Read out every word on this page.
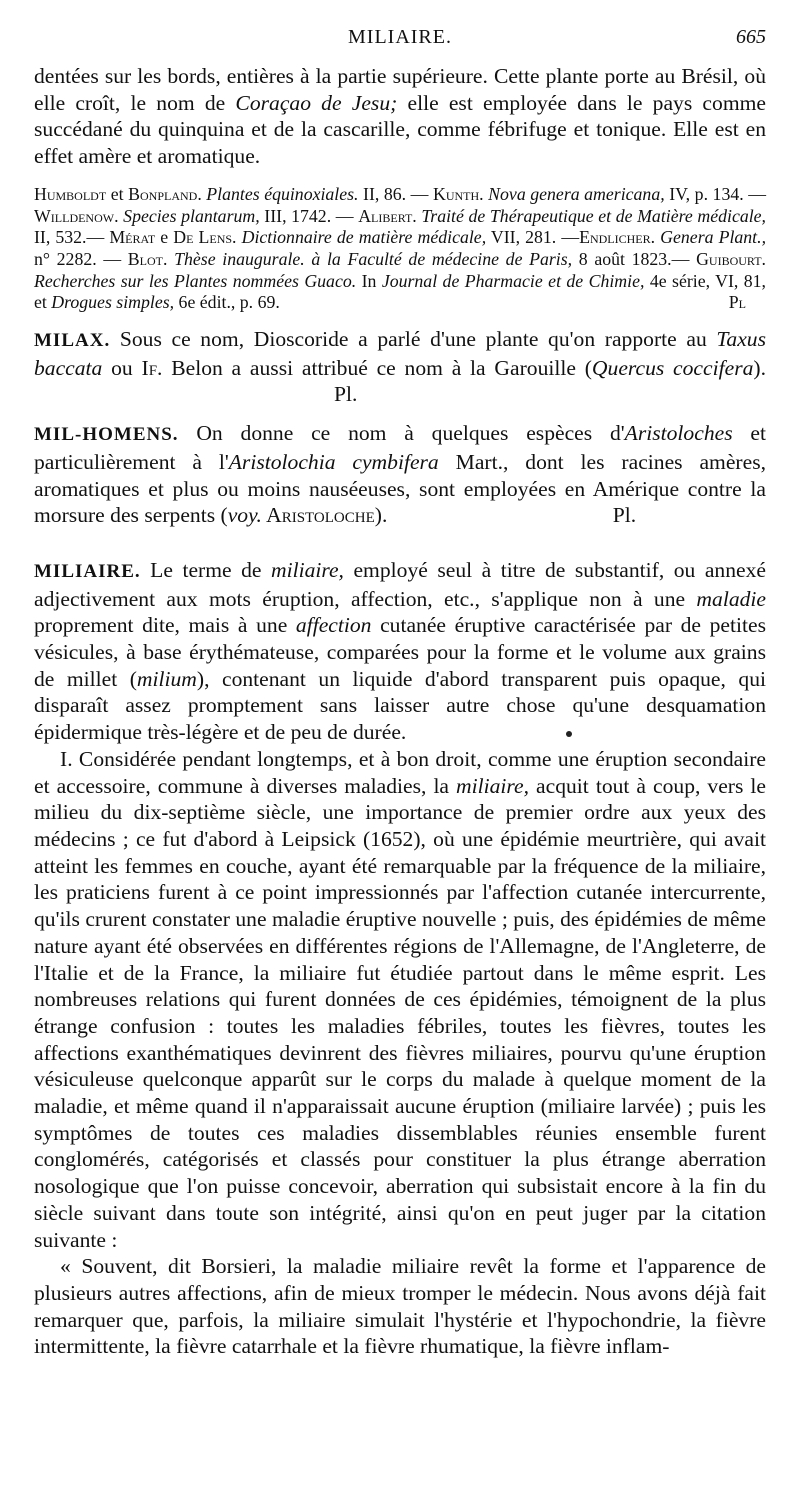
MILIAIRE.	665

dentées sur les bords, entières à la partie supérieure. Cette plante porte au Brésil, où elle croît, le nom de Coraçao de Jesu; elle est employée dans le pays comme succédané du quinquina et de la cascarille, comme fébrifuge et tonique. Elle est en effet amère et aromatique.

Humboldt et Bonpland. Plantes équinoxiales. II, 86. — Kunth. Nova genera americana, IV, p. 134. — Willdenow. Species plantarum, III, 1742. — Alibert. Traité de Thérapeutique et de Matière médicale, II, 532.— Mérat e De Lens. Dictionnaire de matière médicale, VII, 281. —Endlicher. Genera Plant., n° 2282. — Blot. Thèse inaugurale. à la Faculté de médecine de Paris, 8 août 1823.— Guibourt. Recherches sur les Plantes nommées Guaco. In Journal de Pharmacie et de Chimie, 4e série, VI, 81, et Drogues simples, 6e édit., p. 69.	Pl

MILAX. Sous ce nom, Dioscoride a parlé d'une plante qu'on rapporte au Taxus baccata ou If. Belon a aussi attribué ce nom à la Garouille (Quercus coccifera). Pl.

MIL-HOMENS. On donne ce nom à quelques espèces d'Aristoloches et particulièrement à l'Aristolochia cymbifera Mart., dont les racines amères, aromatiques et plus ou moins nauséeuses, sont employées en Amérique contre la morsure des serpents (voy. Aristoloche).	Pl.

MILIAIRE. Le terme de miliaire, employé seul à titre de substantif, ou annexé adjectivement aux mots éruption, affection, etc., s'applique non à une maladie proprement dite, mais à une affection cutanée éruptive caractérisée par de petites vésicules, à base érythémateuse, comparées pour la forme et le volume aux grains de millet (milium), contenant un liquide d'abord transparent puis opaque, qui disparaît assez promptement sans laisser autre chose qu'une desquamation épidermique très-légère et de peu de durée.

I. Considérée pendant longtemps, et à bon droit, comme une éruption secondaire et accessoire, commune à diverses maladies, la miliaire, acquit tout à coup, vers le milieu du dix-septième siècle, une importance de premier ordre aux yeux des médecins ; ce fut d'abord à Leipsick (1652), où une épidémie meurtrière, qui avait atteint les femmes en couche, ayant été remarquable par la fréquence de la miliaire, les praticiens furent à ce point impressionnés par l'affection cutanée intercurrente, qu'ils crurent constater une maladie éruptive nouvelle ; puis, des épidémies de même nature ayant été observées en différentes régions de l'Allemagne, de l'Angleterre, de l'Italie et de la France, la miliaire fut étudiée partout dans le même esprit. Les nombreuses relations qui furent données de ces épidémies, témoignent de la plus étrange confusion : toutes les maladies fébriles, toutes les fièvres, toutes les affections exanthématiques devinrent des fièvres miliaires, pourvu qu'une éruption vésiculeuse quelconque apparût sur le corps du malade à quelque moment de la maladie, et même quand il n'apparaissait aucune éruption (miliaire larvée) ; puis les symptômes de toutes ces maladies dissemblables réunies ensemble furent conglomérés, catégorisés et classés pour constituer la plus étrange aberration nosologique que l'on puisse concevoir, aberration qui subsistait encore à la fin du siècle suivant dans toute son intégrité, ainsi qu'on en peut juger par la citation suivante :

« Souvent, dit Borsieri, la maladie miliaire revêt la forme et l'apparence de plusieurs autres affections, afin de mieux tromper le médecin. Nous avons déjà fait remarquer que, parfois, la miliaire simulait l'hystérie et l'hypochondrie, la fièvre intermittente, la fièvre catarrhale et la fièvre rhumatique, la fièvre inflam-
